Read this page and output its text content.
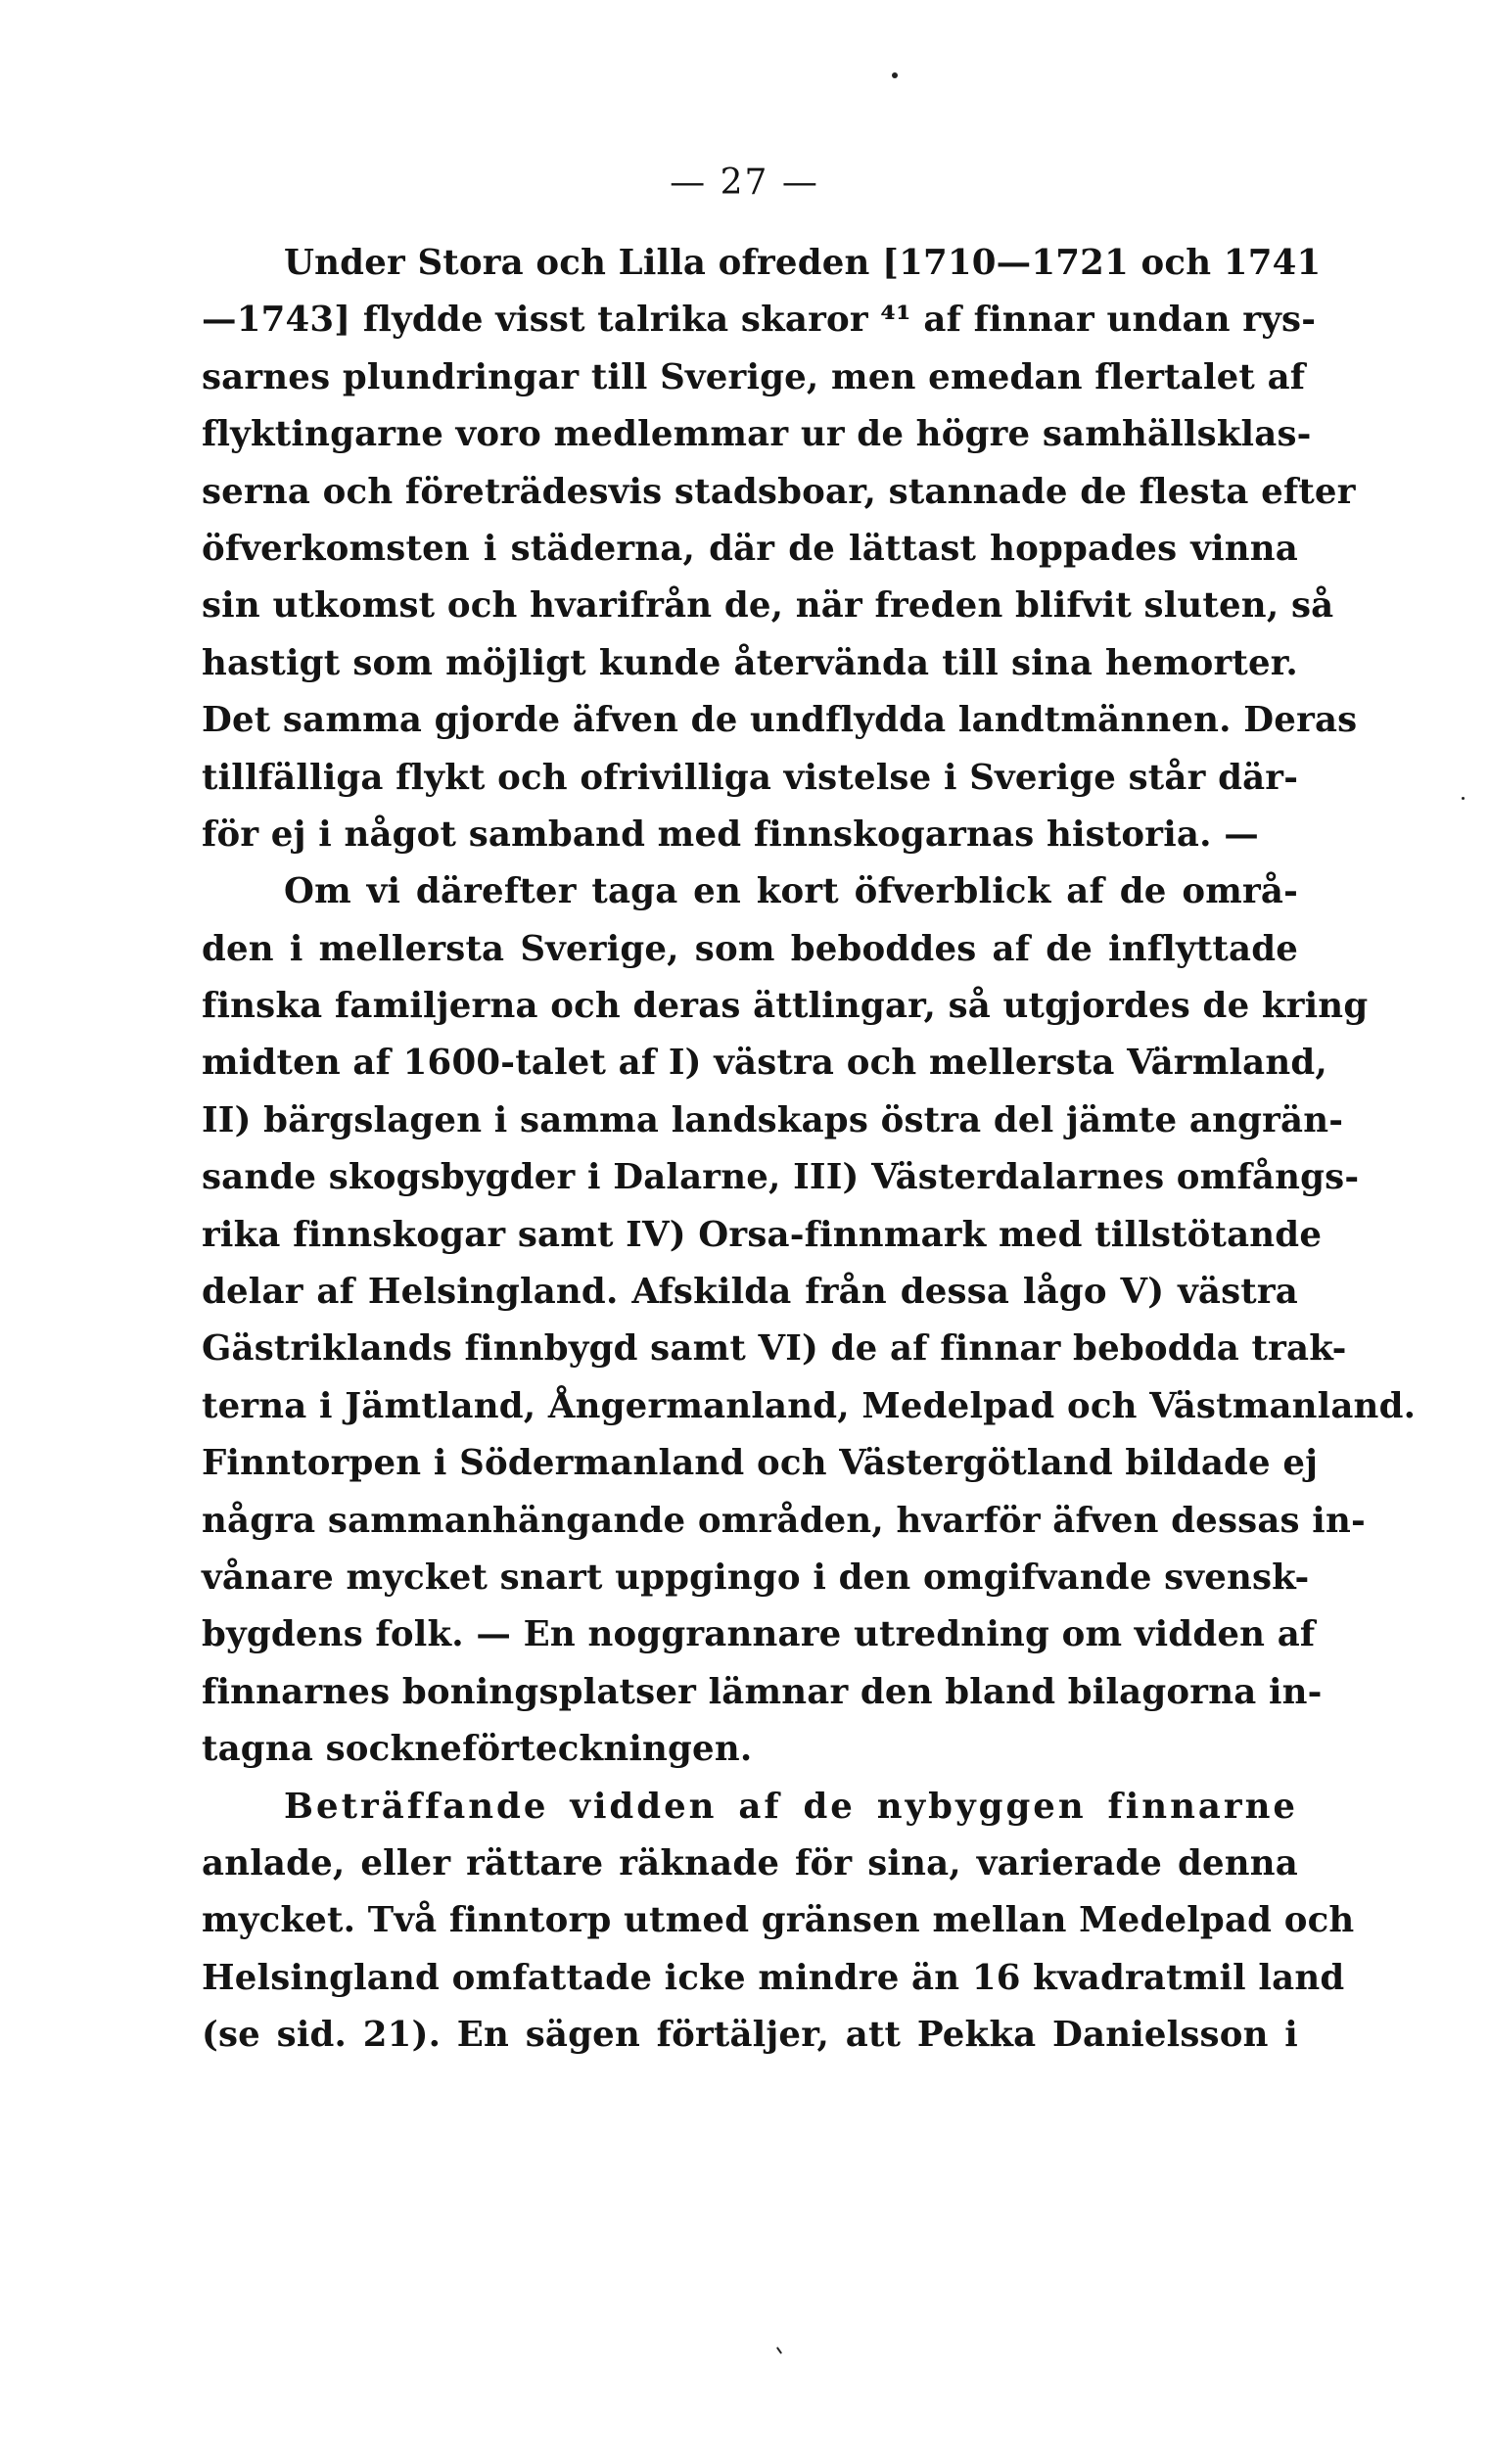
— 27 —
Under Stora och Lilla ofreden [1710—1721 och 1741
—1743] flydde visst talrika skaror ⁴¹ af finnar undan rys-
sarnes plundringar till Sverige, men emedan flertalet af
flyktingarne voro medlemmar ur de högre samhällsklas-
serna och företrädesvis stadsboar, stannade de flesta efter
öfverkomsten i städerna, där de lättast hoppades vinna
sin utkomst och hvarifrån de, när freden blifvit sluten, så
hastigt som möjligt kunde återvända till sina hemorter.
Det samma gjorde äfven de undflydda landtmännen. Deras
tillfälliga flykt och ofrivilliga vistelse i Sverige står där-
för ej i något samband med finnskogarnas historia. —
Om vi därefter taga en kort öfverblick af de områ-
den i mellersta Sverige, som bebοddes af de inflyttade
finska familjerna och deras ättlingar, så utgjordes de kring
midten af 1600-talet af I) västra och mellersta Värmland,
II) bärgslagen i samma landskaps östra del jämte angrän-
sande skogsbygder i Dalarne, III) Västerdalarnes omfångs-
rika finnskogar samt IV) Orsa-finnmark med tillstötande
delar af Helsingland. Afskilda från dessa lågo V) västra
Gästriklands finnbygd samt VI) de af finnar bebodda trak-
terna i Jämtland, Ångermanland, Medelpad och Västmanland.
Finntorpen i Södermanland och Västergötland bildade ej
några sammanhängande områden, hvarför äfven dessas in-
vånare mycket snart uppgingo i den omgifvande svensk-
bygdens folk. — En noggrannare utredning om vidden af
finnarnes boningsplatser lämnar den bland bilagorna in-
tagna sockneförteckningen.
Beträffande vidden af de nybyggen finnarne
anlade, eller rättare räknade för sina, varierade denna
mycket. Två finntorp utmed gränsen mellan Medelpad och
Helsingland omfattade icke mindre än 16 kvadratmil land
(se sid. 21). En sägen förtäljer, att Pekka Danielsson i
